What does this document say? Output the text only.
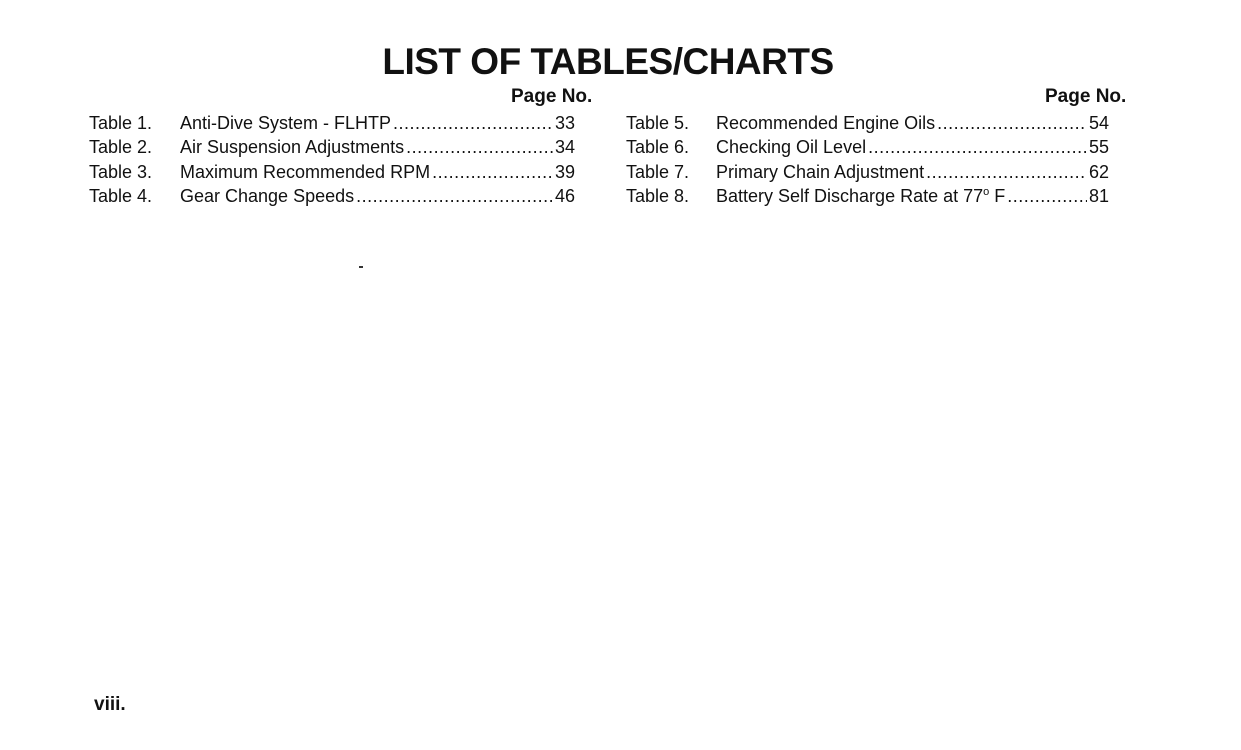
LIST OF TABLES/CHARTS
Page No.	Page No.
Table 1.	Anti-Dive System - FLHTP .....	33
Table 2.	Air Suspension Adjustments .....	34
Table 3.	Maximum Recommended RPM .....	39
Table 4.	Gear Change Speeds .....	46
Table 5.	Recommended Engine Oils .....	54
Table 6.	Checking Oil Level .....	55
Table 7.	Primary Chain Adjustment .....	62
Table 8.	Battery Self Discharge Rate at 77$^o$ F .....	81
viii.
